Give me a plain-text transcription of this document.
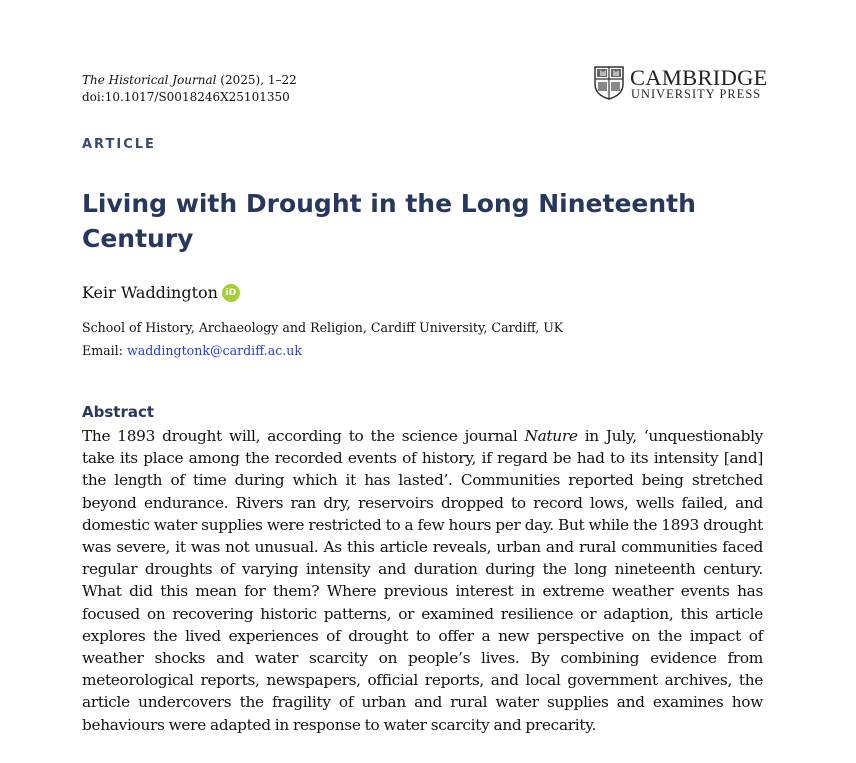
The Historical Journal (2025), 1–22
doi:10.1017/S0018246X25101350
CAMBRIDGE
UNIVERSITY PRESS
ARTICLE
Living with Drought in the Long Nineteenth Century
Keir Waddington iD
School of History, Archaeology and Religion, Cardiff University, Cardiff, UK
Email: waddingtonk@cardiff.ac.uk
Abstract

The 1893 drought will, according to the science journal Nature in July, ‘unquestionably take its place among the recorded events of history, if regard be had to its intensity [and] the length of time during which it has lasted’. Communities reported being stretched beyond endurance. Rivers ran dry, reservoirs dropped to record lows, wells failed, and domestic water supplies were restricted to a few hours per day. But while the 1893 drought was severe, it was not unusual. As this article reveals, urban and rural communities faced regular droughts of varying intensity and duration during the long nineteenth century. What did this mean for them? Where previous interest in extreme weather events has focused on recovering historic patterns, or examined resilience or adaption, this article explores the lived experiences of drought to offer a new perspective on the impact of weather shocks and water scarcity on people’s lives. By combining evidence from meteorological reports, newspapers, official reports, and local government archives, the article undercovers the fragility of urban and rural water supplies and examines how behaviours were adapted in response to water scarcity and precarity.
